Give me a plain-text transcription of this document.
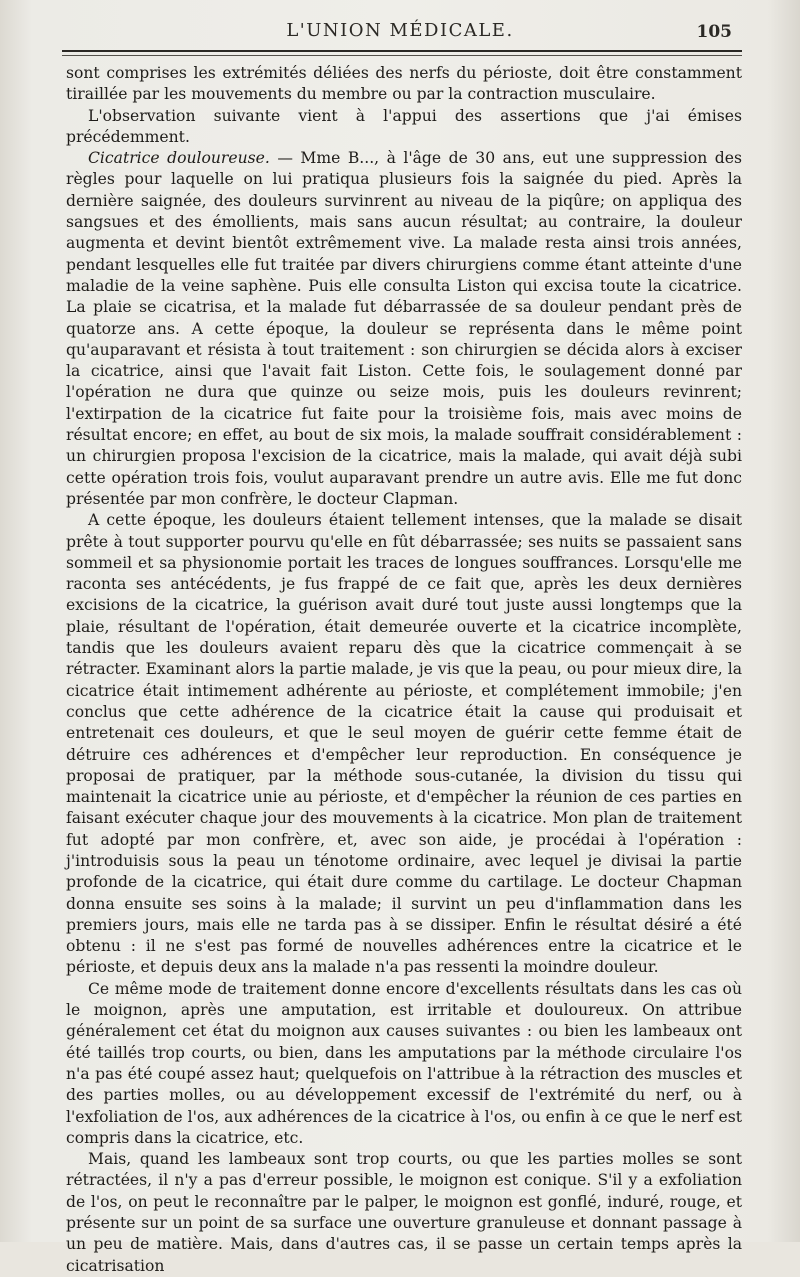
L'UNION MÉDICALE.	105

sont comprises les extrémités déliées des nerfs du périoste, doit être constamment tiraillée par les mouvements du membre ou par la contraction musculaire.

L'observation suivante vient à l'appui des assertions que j'ai émises précédemment.

Cicatrice douloureuse. — Mme B..., à l'âge de 30 ans, eut une suppression des règles pour laquelle on lui pratiqua plusieurs fois la saignée du pied. Après la dernière saignée, des douleurs survinrent au niveau de la piqûre; on appliqua des sangsues et des émollients, mais sans aucun résultat; au contraire, la douleur augmenta et devint bientôt extrêmement vive. La malade resta ainsi trois années, pendant lesquelles elle fut traitée par divers chirurgiens comme étant atteinte d'une maladie de la veine saphène. Puis elle consulta Liston qui excisa toute la cicatrice. La plaie se cicatrisa, et la malade fut débarrassée de sa douleur pendant près de quatorze ans. A cette époque, la douleur se représenta dans le même point qu'auparavant et résista à tout traitement : son chirurgien se décida alors à exciser la cicatrice, ainsi que l'avait fait Liston. Cette fois, le soulagement donné par l'opération ne dura que quinze ou seize mois, puis les douleurs revinrent; l'extirpation de la cicatrice fut faite pour la troisième fois, mais avec moins de résultat encore; en effet, au bout de six mois, la malade souffrait considérablement : un chirurgien proposa l'excision de la cicatrice, mais la malade, qui avait déjà subi cette opération trois fois, voulut auparavant prendre un autre avis. Elle me fut donc présentée par mon confrère, le docteur Clapman.

A cette époque, les douleurs étaient tellement intenses, que la malade se disait prête à tout supporter pourvu qu'elle en fût débarrassée; ses nuits se passaient sans sommeil et sa physionomie portait les traces de longues souffrances. Lorsqu'elle me raconta ses antécédents, je fus frappé de ce fait que, après les deux dernières excisions de la cicatrice, la guérison avait duré tout juste aussi longtemps que la plaie, résultant de l'opération, était demeurée ouverte et la cicatrice incomplète, tandis que les douleurs avaient reparu dès que la cicatrice commençait à se rétracter. Examinant alors la partie malade, je vis que la peau, ou pour mieux dire, la cicatrice était intimement adhérente au périoste, et complétement immobile; j'en conclus que cette adhérence de la cicatrice était la cause qui produisait et entretenait ces douleurs, et que le seul moyen de guérir cette femme était de détruire ces adhérences et d'empêcher leur reproduction. En conséquence je proposai de pratiquer, par la méthode sous-cutanée, la division du tissu qui maintenait la cicatrice unie au périoste, et d'empêcher la réunion de ces parties en faisant exécuter chaque jour des mouvements à la cicatrice. Mon plan de traitement fut adopté par mon confrère, et, avec son aide, je procédai à l'opération : j'introduisis sous la peau un ténotome ordinaire, avec lequel je divisai la partie profonde de la cicatrice, qui était dure comme du cartilage. Le docteur Chapman donna ensuite ses soins à la malade; il survint un peu d'inflammation dans les premiers jours, mais elle ne tarda pas à se dissiper. Enfin le résultat désiré a été obtenu : il ne s'est pas formé de nouvelles adhérences entre la cicatrice et le périoste, et depuis deux ans la malade n'a pas ressenti la moindre douleur.

Ce même mode de traitement donne encore d'excellents résultats dans les cas où le moignon, après une amputation, est irritable et douloureux. On attribue généralement cet état du moignon aux causes suivantes : ou bien les lambeaux ont été taillés trop courts, ou bien, dans les amputations par la méthode circulaire l'os n'a pas été coupé assez haut; quelquefois on l'attribue à la rétraction des muscles et des parties molles, ou au développement excessif de l'extrémité du nerf, ou à l'exfoliation de l'os, aux adhérences de la cicatrice à l'os, ou enfin à ce que le nerf est compris dans la cicatrice, etc.

Mais, quand les lambeaux sont trop courts, ou que les parties molles se sont rétractées, il n'y a pas d'erreur possible, le moignon est conique. S'il y a exfoliation de l'os, on peut le reconnaître par le palper, le moignon est gonflé, induré, rouge, et présente sur un point de sa surface une ouverture granuleuse et donnant passage à un peu de matière. Mais, dans d'autres cas, il se passe un certain temps après la cicatrisation
